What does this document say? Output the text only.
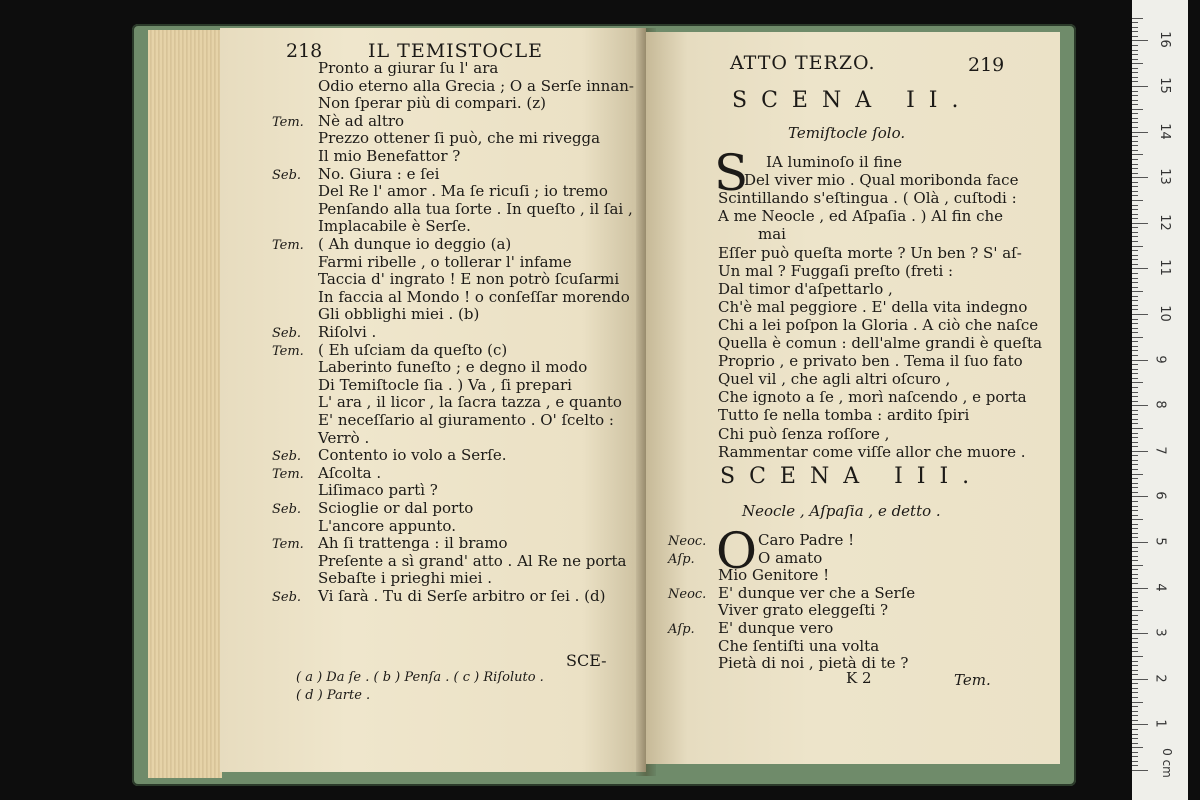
218 IL TEMISTOCLE
Pronto a giurar ſu l' ara
Odio eterno alla Grecia ; O a Serſe innan-
Non ſperar più di compari. (z)
Tem. Nè ad altro
Prezzo ottener ſi può, che mi rivegga
Il mio Benefattor ?
Seb. No. Giura : e ſei
Del Re l' amor . Ma ſe ricuſi ; io tremo
Penſando alla tua ſorte . In queſto , il ſai ,
Implacabile è Serſe.
Tem. ( Ah dunque io deggio (a)
Farmi ribelle , o tollerar l' infame
Taccia d' ingrato ! E non potrò ſcuſarmi
In faccia al Mondo ! o conſeſſar morendo
Gli obblighi miei . (b)
Seb. Riſolvi .
Tem. ( Eh uſciam da queſto (c)
Laberinto funeſto ; e degno il modo
Di Temiſtocle ſia . ) Va , ſi prepari
L' ara , il licor , la ſacra tazza , e quanto
E' neceſſario al giuramento . O' ſcelto :
Verrò .
Seb. Contento io volo a Serſe.
Tem. Aſcolta .
Liſimaco partì ?
Seb. Scioglie or dal porto
L'ancore appunto.
Tem. Ah ſi trattenga : il bramo
Preſente a sì grand' atto . Al Re ne porta
Sebaſte i prieghi miei .
Seb. Vi ſarà . Tu di Serſe arbitro or ſei . (d)
SCE-
( a ) Da ſe . ( b ) Penſa . ( c ) Riſoluto .
( d ) Parte .
ATTO TERZO.	219
SCENA II.
Temiſtocle ſolo.
S IA luminoſo il fine
Del viver mio . Qual moribonda face
Scintillando s'eſtingua . ( Olà , cuſtodi :
A me Neocle , ed Aſpaſia . ) Al fin che
mai
Eſſer può queſta morte ? Un ben ? S' aſ-
Un mal ? Fuggaſi preſto (freti :
Dal timor d'aſpettarlo ,
Ch'è mal peggiore . E' della vita indegno
Chi a lei poſpon la Gloria . A ciò che naſce
Quella è comun : dell'alme grandi è queſta
Proprio , e privato ben . Tema il ſuo fato
Quel vil , che agli altri oſcuro ,
Che ignoto a ſe , morì naſcendo , e porta
Tutto ſe nella tomba : ardito ſpiri
Chi può ſenza roſſore ,
Rammentar come viſſe allor che muore .
SCENA III.
Neocle , Aſpaſia , e detto .
O
Neoc.	Caro Padre !
Aſp.	O amato
Mio Genitore !
Neoc. E' dunque ver che a Serſe
Viver grato eleggeſti ?
Aſp. E' dunque vero
Che ſentiſti una volta
Pietà di noi , pietà di te ?
K 2	Tem.
1
2
3
4
5
6
7
8
9
10
11
12
13
14
15
16
0 cm
